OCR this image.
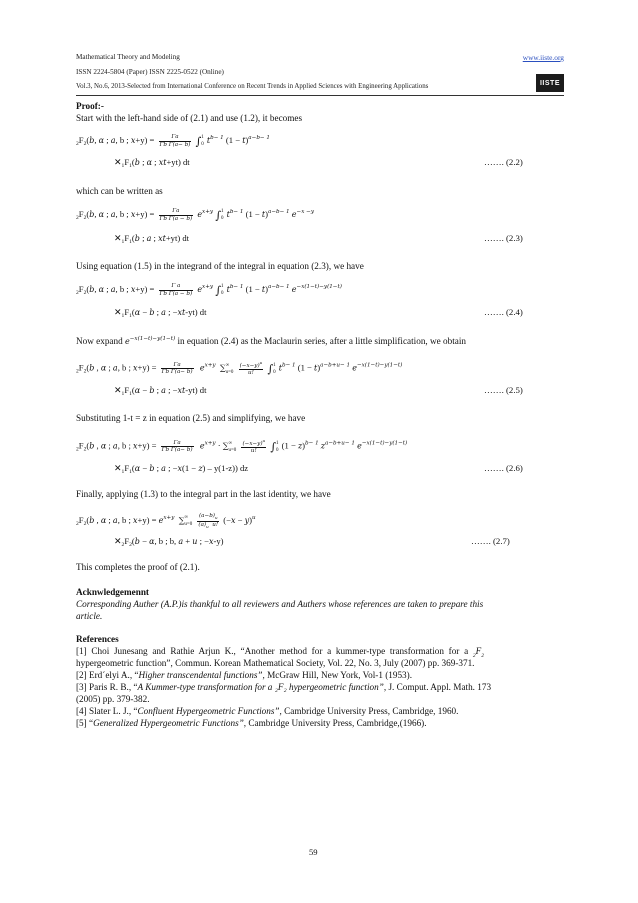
Mathematical Theory and Modeling	www.iiste.org
ISSN 2224-5804 (Paper) ISSN 2225-0522 (Online)
Vol.3, No.6, 2013-Selected from International Conference on Recent Trends in Applied Sciences with Engineering Applications	IISTE
Proof:-
Start with the left-hand side of (2.1) and use (1.2), it becomes
$_2F_2(b$, α ; a, b ; $x+y) = \frac{\Gamma a}{\text{Γb Γ(a− b)}}$ ∫ 1
0 $t^{b- 1}$ $(1 - t)^{a-b- 1}$
$✕_1F_1(b$ ; α ; xt+yt) dt	……. (2.2)
which can be written as
$_2F_2(b$, α ; a, b ; $x+y) = \frac{\Gamma a}{\text{Γb Γ(a − b)}} e^{x+y}$ ∫ 1
0 $t^{b- 1}$ $(1 - t)^{a-b- 1}$ $e^{-x -y}$
$✕_1F_1(b$ ; a ; xt+yt) dt	……. (2.3)
Using equation (1.5) in the integrand of the integral in equation (2.3), we have
$_2F_2(b$, α ; a, b ; $x+y) = \frac{\text{Γ a}}{\text{Γb Γ(a − b)}} e^{x+y}$ ∫ 1
0 $t^{b- 1}$ $(1 - t)^{a-b- 1}$ $e^{-x(1-t)-y(1-t)}$
$✕_1F_1(\alpha - b$ ; a ; −xt-yt) dt	……. (2.4)
Now expand $e^{-x(1-t)-y(1-t)}$ in equation (2.4) as the Maclaurin series, after a little simplification, we obtain
$_2F_2(b$ , α ; a, b ; $x+y) = \frac{\Gamma a}{\text{Γb Γ(a− b)}} e^{x+y}$ ∑ ∞
u=0
$\frac{(-x-y)^u}{u!}$ ∫ 1
0 $t^{b- 1}$ $(1 - t)^{a-b+u- 1}$ $e^{-x(1-t)-y(1-t)}$
$✕_1F_1(\alpha - b$ ; a ; −xt-yt) dt	……. (2.5)
Substituting 1-t = z in equation (2.5) and simplifying, we have
$_2F_2(b$ , α ; a, b ; $x+y) = \frac{\Gamma a}{\text{Γb Γ(a− b)}} e^{x+y}$ · ∑ ∞
u=0
$\frac{(-x-y)^u}{u!}$ ∫ 1
0 $(1 - z)^{b- 1}$ $z^{a-b+u- 1}$ $e^{-x(1-t)-y(1-t)}$
$✕_1F_1(\alpha - b$ ; a ; −x(1 − z) – y(1-z)) dz	……. (2.6)
Finally, applying (1.3) to the integral part in the last identity, we have
$_2F_2(b$ , α ; a, b ; $x+y) = e^{x+y}$ ∑ ∞
u=0
$\frac{(a-b)_u}{(a)_u u!} (-x - y)^u$
$✕_2F_2(b - \alpha$, b ; b, a + u ; −x-y)	……. (2.7)
This completes the proof of (2.1).
Acknwledgemennt
Corresponding Auther (A.P.)is thankful to all reviewers and Authers whose references are taken to prepare this
article.
References
[1] Choi Junesang and Rathie Arjun K., “Another method for a kummer-type transformation for a $_2F_2$
hypergeometric function”, Commun. Korean Mathematical Society, Vol. 22, No. 3, July (2007) pp. 369-371.
[2] Erd´elyi A., “Higher transcendental functions”, McGraw Hill, New York, Vol-1 (1953).
[3] Paris R. B., “A Kummer-type transformation for a ₂F₂ hypergeometric function”, J. Comput. Appl. Math. 173
(2005) pp. 379-382.
[4] Slater L. J., “Confluent Hypergeometric Functions”, Cambridge University Press, Cambridge, 1960.
[5] “Generalized Hypergeometric Functions”, Cambridge University Press, Cambridge,(1966).
59
